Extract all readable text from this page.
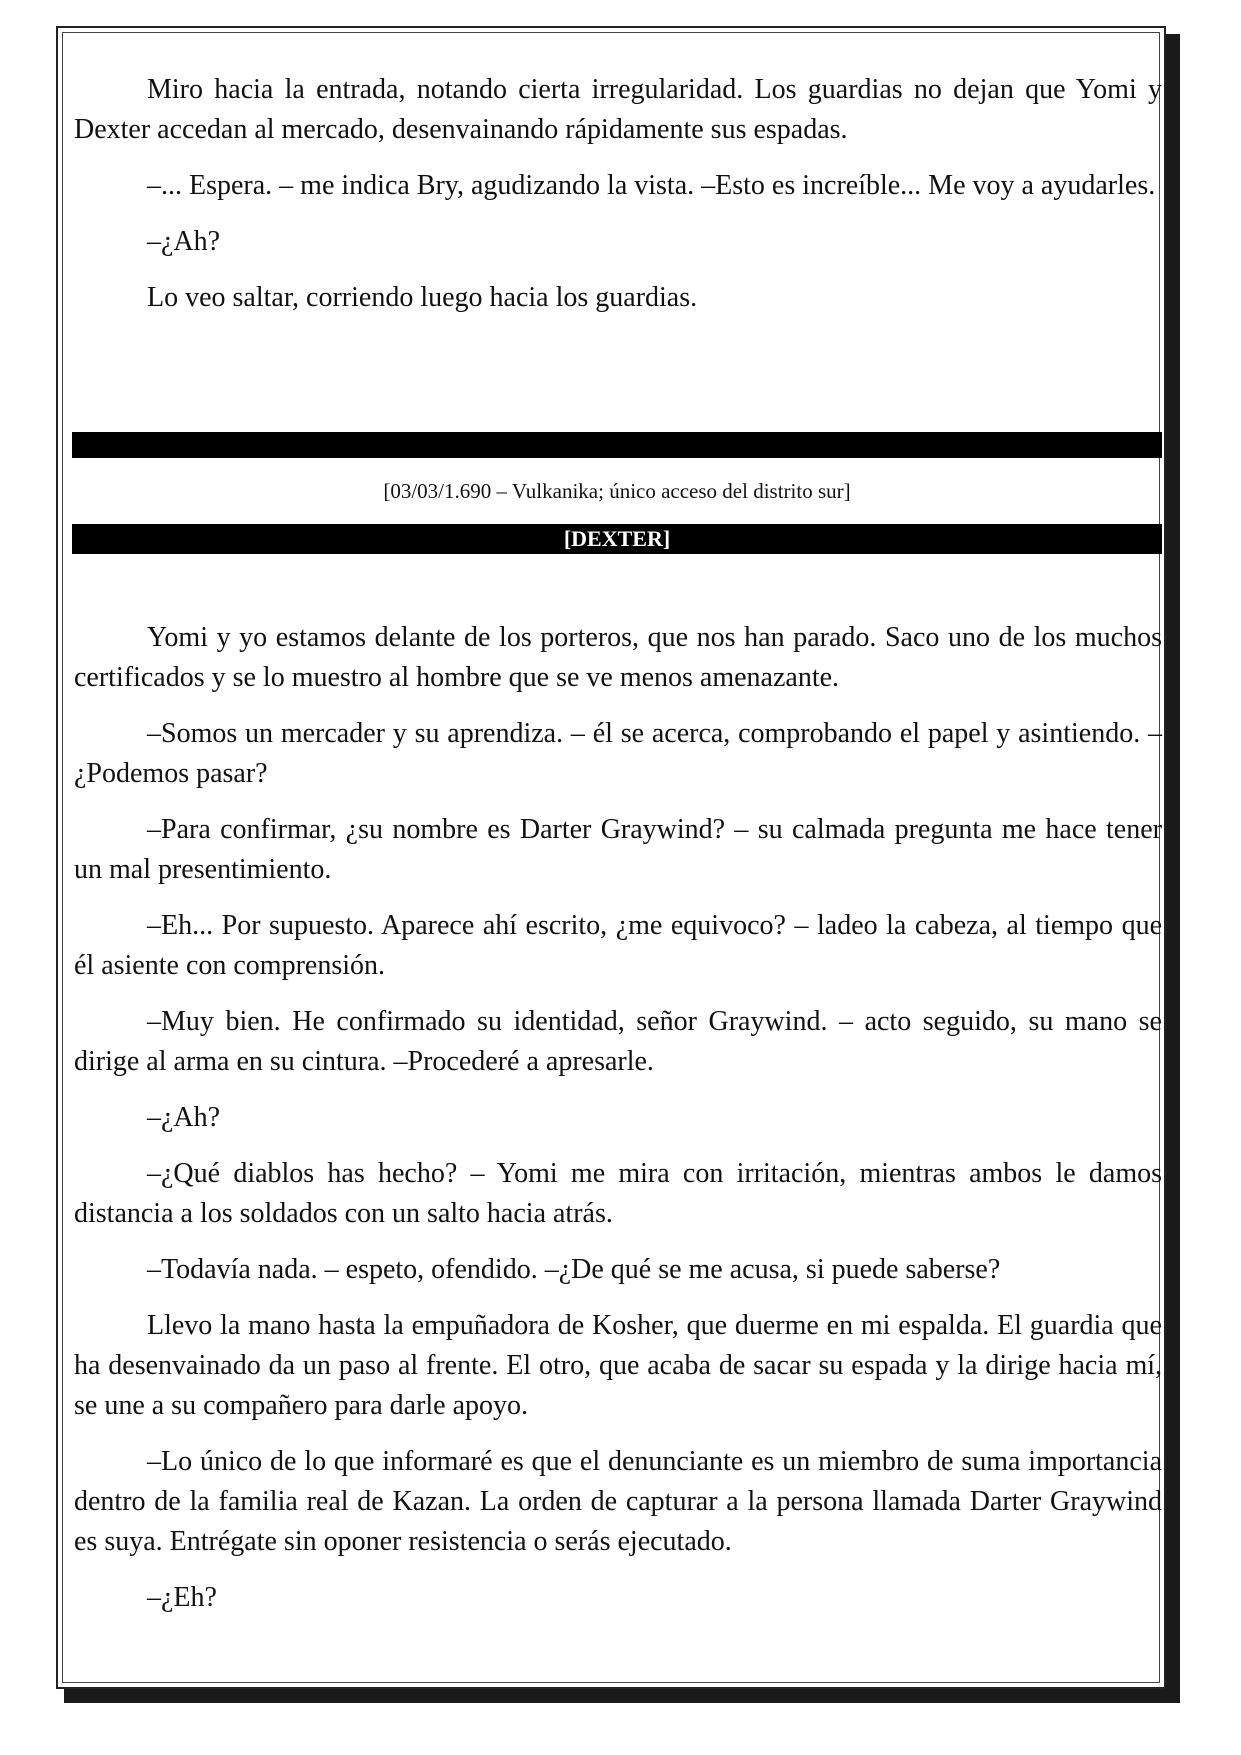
Miro hacia la entrada, notando cierta irregularidad. Los guardias no dejan que Yomi y Dexter accedan al mercado, desenvainando rápidamente sus espadas.

–... Espera. – me indica Bry, agudizando la vista. –Esto es increíble... Me voy a ayudarles.

–¿Ah?

Lo veo saltar, corriendo luego hacia los guardias.

[03/03/1.690 – Vulkanika; único acceso del distrito sur]
[DEXTER]

Yomi y yo estamos delante de los porteros, que nos han parado. Saco uno de los muchos certificados y se lo muestro al hombre que se ve menos amenazante.

–Somos un mercader y su aprendiza. – él se acerca, comprobando el papel y asintiendo. –¿Podemos pasar?

–Para confirmar, ¿su nombre es Darter Graywind? – su calmada pregunta me hace tener un mal presentimiento.

–Eh... Por supuesto. Aparece ahí escrito, ¿me equivoco? – ladeo la cabeza, al tiempo que él asiente con comprensión.

–Muy bien. He confirmado su identidad, señor Graywind. – acto seguido, su mano se dirige al arma en su cintura. –Procederé a apresarle.

–¿Ah?

–¿Qué diablos has hecho? – Yomi me mira con irritación, mientras ambos le damos distancia a los soldados con un salto hacia atrás.

–Todavía nada. – espeto, ofendido. –¿De qué se me acusa, si puede saberse?

Llevo la mano hasta la empuñadora de Kosher, que duerme en mi espalda. El guardia que ha desenvainado da un paso al frente. El otro, que acaba de sacar su espada y la dirige hacia mí, se une a su compañero para darle apoyo.

–Lo único de lo que informaré es que el denunciante es un miembro de suma importancia dentro de la familia real de Kazan. La orden de capturar a la persona llamada Darter Graywind es suya. Entrégate sin oponer resistencia o serás ejecutado.

–¿Eh?
